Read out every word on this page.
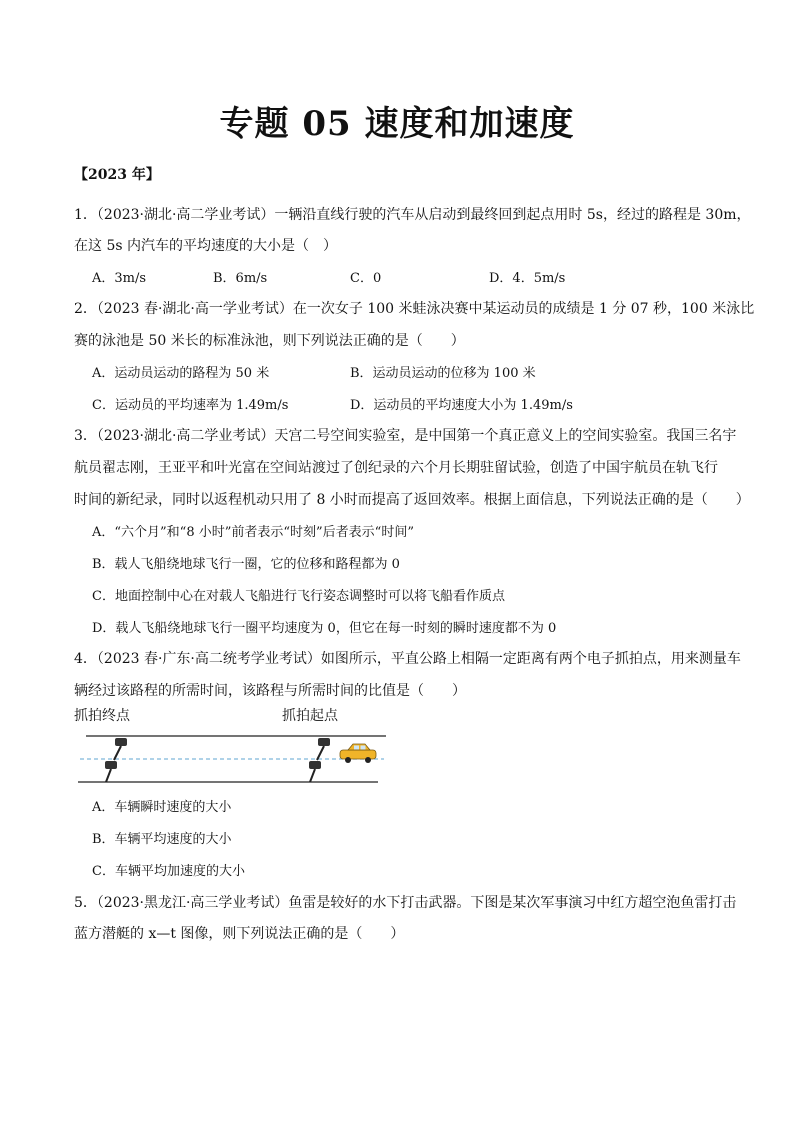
专题 05 速度和加速度
【2023 年】
1．（2023·湖北·高二学业考试）一辆沿直线行驶的汽车从启动到最终回到起点用时 5s，经过的路程是 30m，
在这 5s 内汽车的平均速度的大小是（　）
A．3m/s	B．6m/s	C．0	D．4．5m/s
2．（2023 春·湖北·高一学业考试）在一次女子 100 米蛙泳决赛中某运动员的成绩是 1 分 07 秒，100 米泳比
赛的泳池是 50 米长的标准泳池，则下列说法正确的是（　　）
A．运动员运动的路程为 50 米	B．运动员运动的位移为 100 米
C．运动员的平均速率为 1.49m/s	D．运动员的平均速度大小为 1.49m/s
3．（2023·湖北·高二学业考试）天宫二号空间实验室，是中国第一个真正意义上的空间实验室。我国三名宇
航员翟志刚，王亚平和叶光富在空间站渡过了创纪录的六个月长期驻留试验，创造了中国宇航员在轨飞行
时间的新纪录，同时以返程机动只用了 8 小时而提高了返回效率。根据上面信息，下列说法正确的是（　　）
A．“六个月”和“8 小时”前者表示“时刻”后者表示“时间”
B．载人飞船绕地球飞行一圈，它的位移和路程都为 0
C．地面控制中心在对载人飞船进行飞行姿态调整时可以将飞船看作质点
D．载人飞船绕地球飞行一圈平均速度为 0，但它在每一时刻的瞬时速度都不为 0
4．（2023 春·广东·高二统考学业考试）如图所示，平直公路上相隔一定距离有两个电子抓拍点，用来测量车
辆经过该路程的所需时间，该路程与所需时间的比值是（　　）
抓拍终点	抓拍起点
A．车辆瞬时速度的大小
B．车辆平均速度的大小
C．车辆平均加速度的大小
5．（2023·黑龙江·高三学业考试）鱼雷是较好的水下打击武器。下图是某次军事演习中红方超空泡鱼雷打击
蓝方潜艇的 x—t 图像，则下列说法正确的是（　　）
